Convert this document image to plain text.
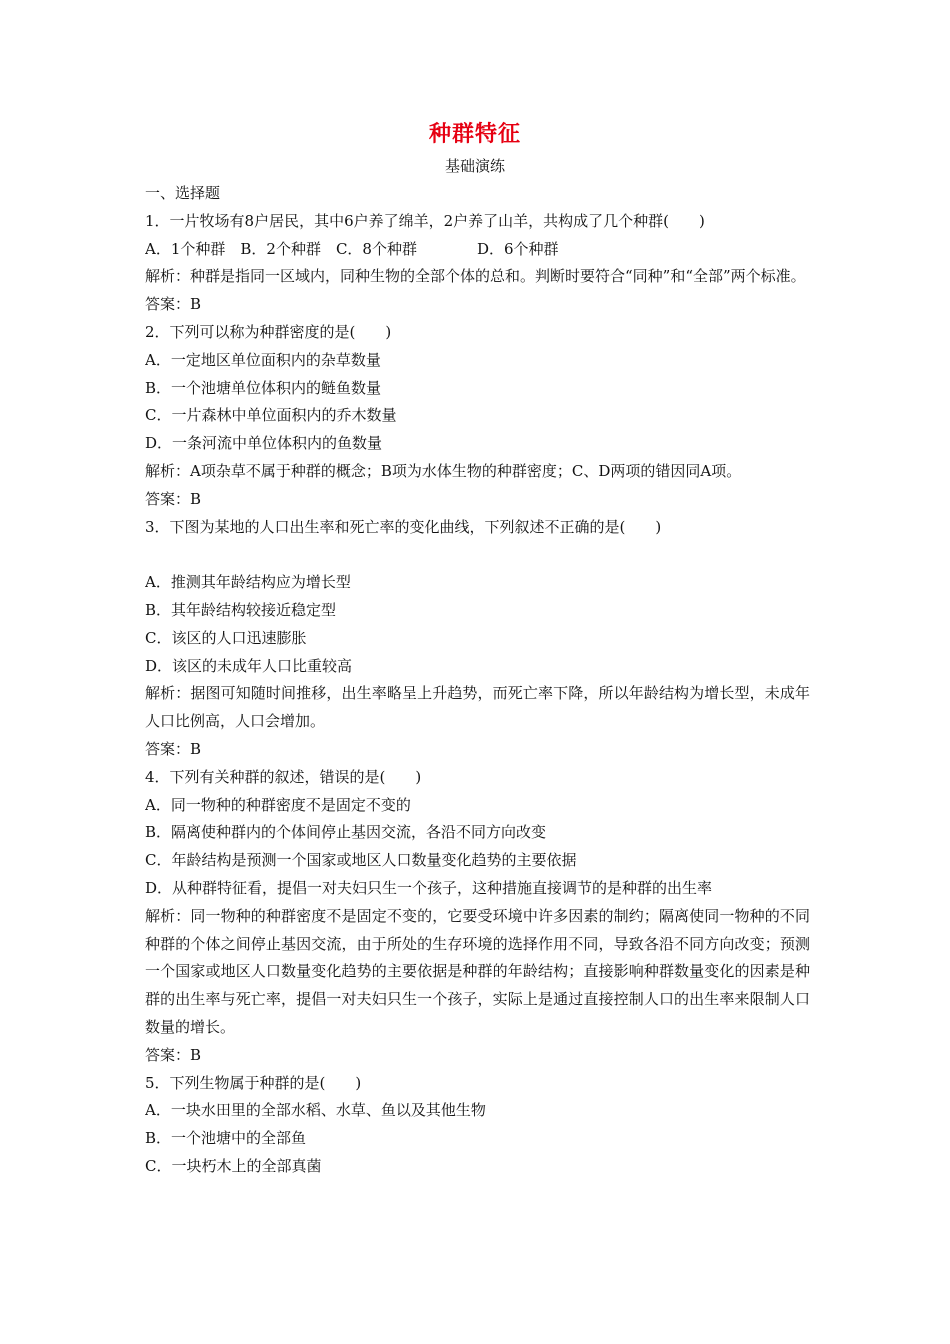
种群特征
基础演练
一、选择题
1．一片牧场有8户居民，其中6户养了绵羊，2户养了山羊，共构成了几个种群(　　)
A．1个种群　B．2个种群　C．8个种群　　　　D．6个种群
解析：种群是指同一区域内，同种生物的全部个体的总和。判断时要符合“同种”和“全部”两个标准。
答案：B
2．下列可以称为种群密度的是(　　)
A．一定地区单位面积内的杂草数量
B．一个池塘单位体积内的鲢鱼数量
C．一片森林中单位面积内的乔木数量
D．一条河流中单位体积内的鱼数量
解析：A项杂草不属于种群的概念；B项为水体生物的种群密度；C、D两项的错因同A项。
答案：B
3．下图为某地的人口出生率和死亡率的变化曲线，下列叙述不正确的是(　　)
A．推测其年龄结构应为增长型
B．其年龄结构较接近稳定型
C．该区的人口迅速膨胀
D．该区的未成年人口比重较高
解析：据图可知随时间推移，出生率略呈上升趋势，而死亡率下降，所以年龄结构为增长型，未成年人口比例高，人口会增加。
答案：B
4．下列有关种群的叙述，错误的是(　　)
A．同一物种的种群密度不是固定不变的
B．隔离使种群内的个体间停止基因交流，各沿不同方向改变
C．年龄结构是预测一个国家或地区人口数量变化趋势的主要依据
D．从种群特征看，提倡一对夫妇只生一个孩子，这种措施直接调节的是种群的出生率
解析：同一物种的种群密度不是固定不变的，它要受环境中许多因素的制约；隔离使同一物种的不同种群的个体之间停止基因交流，由于所处的生存环境的选择作用不同，导致各沿不同方向改变；预测一个国家或地区人口数量变化趋势的主要依据是种群的年龄结构；直接影响种群数量变化的因素是种群的出生率与死亡率，提倡一对夫妇只生一个孩子，实际上是通过直接控制人口的出生率来限制人口数量的增长。
答案：B
5．下列生物属于种群的是(　　)
A．一块水田里的全部水稻、水草、鱼以及其他生物
B．一个池塘中的全部鱼
C．一块朽木上的全部真菌
